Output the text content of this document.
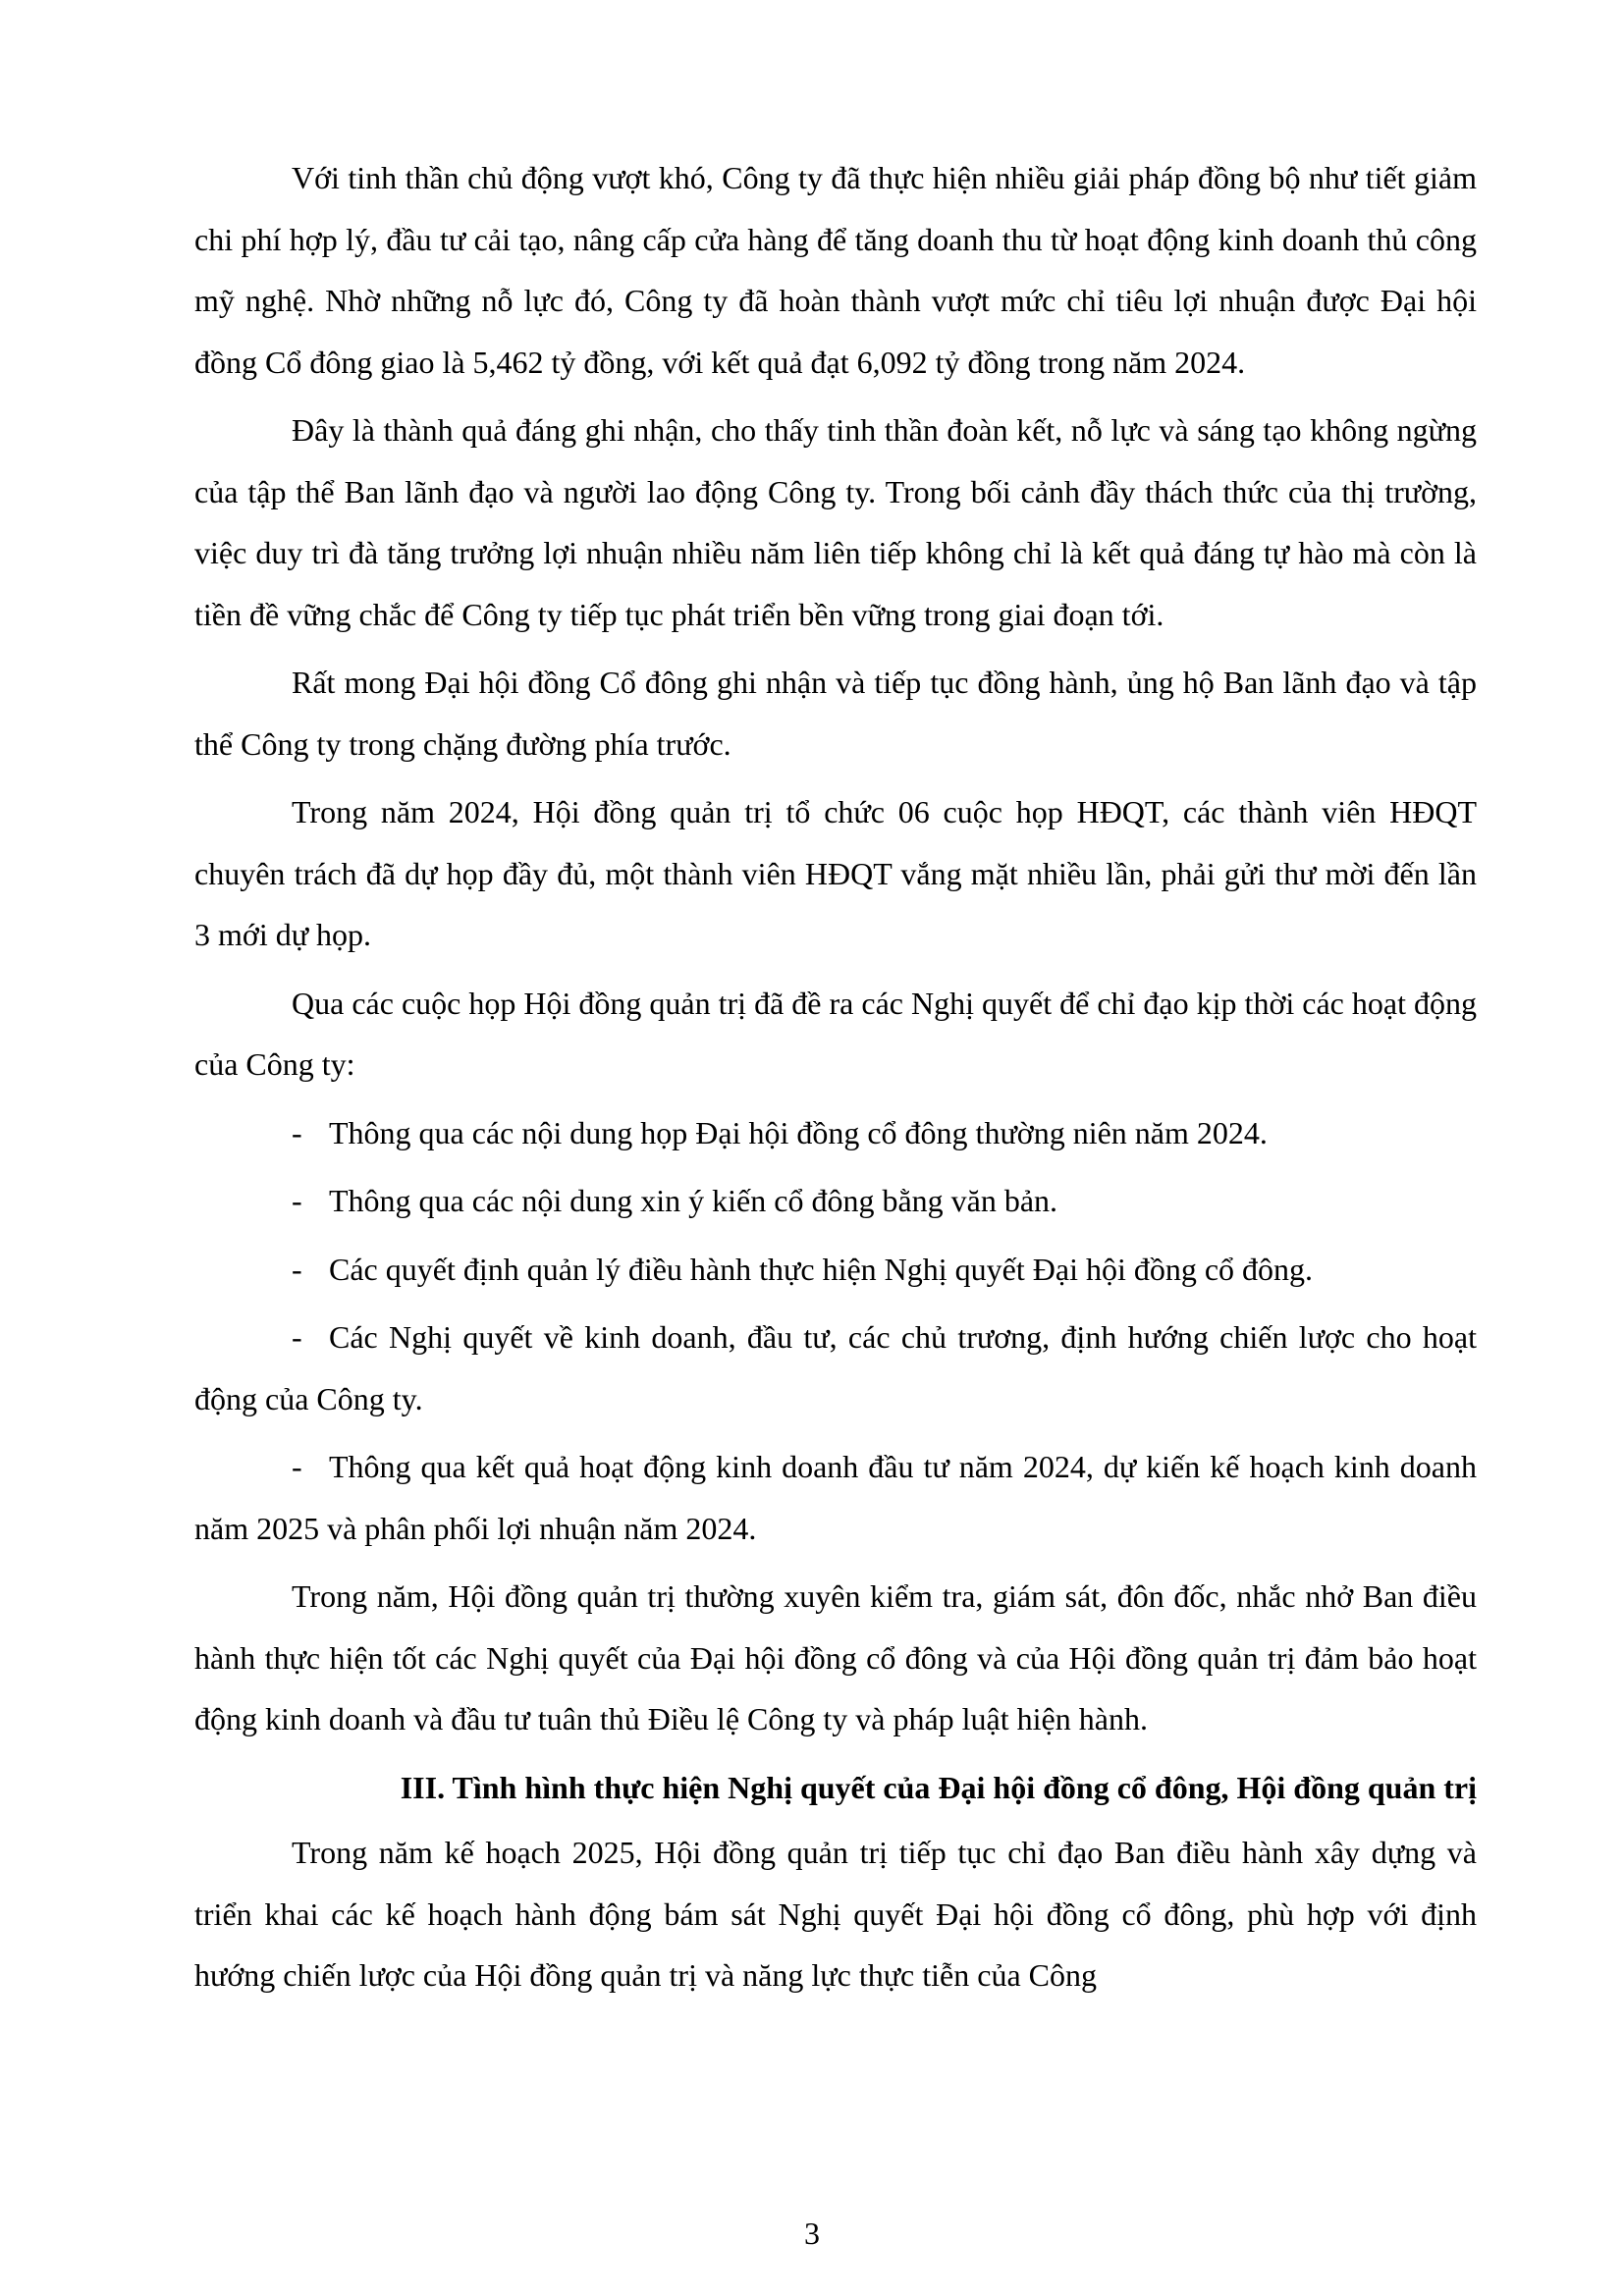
Với tinh thần chủ động vượt khó, Công ty đã thực hiện nhiều giải pháp đồng bộ như tiết giảm chi phí hợp lý, đầu tư cải tạo, nâng cấp cửa hàng để tăng doanh thu từ hoạt động kinh doanh thủ công mỹ nghệ. Nhờ những nỗ lực đó, Công ty đã hoàn thành vượt mức chỉ tiêu lợi nhuận được Đại hội đồng Cổ đông giao là 5,462 tỷ đồng, với kết quả đạt 6,092 tỷ đồng trong năm 2024.

Đây là thành quả đáng ghi nhận, cho thấy tinh thần đoàn kết, nỗ lực và sáng tạo không ngừng của tập thể Ban lãnh đạo và người lao động Công ty. Trong bối cảnh đầy thách thức của thị trường, việc duy trì đà tăng trưởng lợi nhuận nhiều năm liên tiếp không chỉ là kết quả đáng tự hào mà còn là tiền đề vững chắc để Công ty tiếp tục phát triển bền vững trong giai đoạn tới.

Rất mong Đại hội đồng Cổ đông ghi nhận và tiếp tục đồng hành, ủng hộ Ban lãnh đạo và tập thể Công ty trong chặng đường phía trước.

Trong năm 2024, Hội đồng quản trị tổ chức 06 cuộc họp HĐQT, các thành viên HĐQT chuyên trách đã dự họp đầy đủ, một thành viên HĐQT vắng mặt nhiều lần, phải gửi thư mời đến lần 3 mới dự họp.

Qua các cuộc họp Hội đồng quản trị đã đề ra các Nghị quyết để chỉ đạo kịp thời các hoạt động của Công ty:

- Thông qua các nội dung họp Đại hội đồng cổ đông thường niên năm 2024.

- Thông qua các nội dung xin ý kiến cổ đông bằng văn bản.

- Các quyết định quản lý điều hành thực hiện Nghị quyết Đại hội đồng cổ đông.

- Các Nghị quyết về kinh doanh, đầu tư, các chủ trương, định hướng chiến lược cho hoạt động của Công ty.

- Thông qua kết quả hoạt động kinh doanh đầu tư năm 2024, dự kiến kế hoạch kinh doanh năm 2025 và phân phối lợi nhuận năm 2024.

Trong năm, Hội đồng quản trị thường xuyên kiểm tra, giám sát, đôn đốc, nhắc nhở Ban điều hành thực hiện tốt các Nghị quyết của Đại hội đồng cổ đông và của Hội đồng quản trị đảm bảo hoạt động kinh doanh và đầu tư tuân thủ Điều lệ Công ty và pháp luật hiện hành.

III. Tình hình thực hiện Nghị quyết của Đại hội đồng cổ đông, Hội đồng quản trị

Trong năm kế hoạch 2025, Hội đồng quản trị tiếp tục chỉ đạo Ban điều hành xây dựng và triển khai các kế hoạch hành động bám sát Nghị quyết Đại hội đồng cổ đông, phù hợp với định hướng chiến lược của Hội đồng quản trị và năng lực thực tiễn của Công

3
